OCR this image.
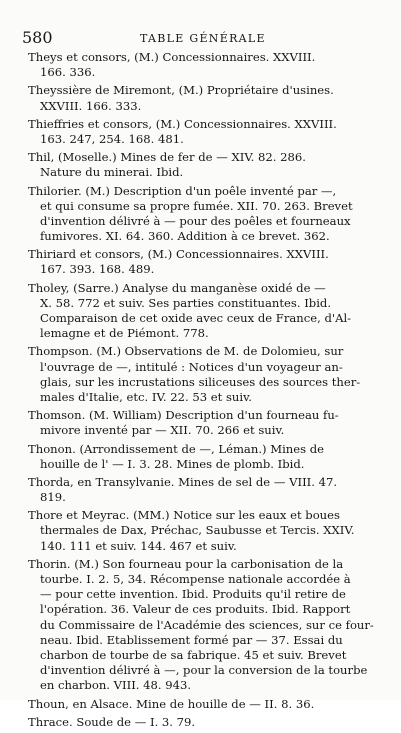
580	TABLE GÉNÉRALE
Theys et consors, (M.) Concessionnaires. XXVIII.
166. 336.
Theyssière de Miremont, (M.) Propriétaire d'usines.
XXVIII. 166. 333.
Thieffries et consors, (M.) Concessionnaires. XXVIII.
163. 247, 254. 168. 481.
Thil, (Moselle.) Mines de fer de — XIV. 82. 286.
Nature du minerai. Ibid.
Thilorier. (M.) Description d'un poêle inventé par —,
et qui consume sa propre fumée. XII. 70. 263. Brevet
d'invention délivré à — pour des poêles et fourneaux
fumivores. XI. 64. 360. Addition à ce brevet. 362.
Thiriard et consors, (M.) Concessionnaires. XXVIII.
167. 393. 168. 489.
Tholey, (Sarre.) Analyse du manganèse oxidé de —
X. 58. 772 et suiv. Ses parties constituantes. Ibid.
Comparaison de cet oxide avec ceux de France, d'Al-
lemagne et de Piémont. 778.
Thompson. (M.) Observations de M. de Dolomieu, sur
l'ouvrage de —, intitulé : Notices d'un voyageur an-
glais, sur les incrustations siliceuses des sources ther-
males d'Italie, etc. IV. 22. 53 et suiv.
Thomson. (M. William) Description d'un fourneau fu-
mivore inventé par — XII. 70. 266 et suiv.
Thonon. (Arrondissement de —, Léman.) Mines de
houille de l' — I. 3. 28. Mines de plomb. Ibid.
Thorda, en Transylvanie. Mines de sel de — VIII. 47.
819.
Thore et Meyrac. (MM.) Notice sur les eaux et boues
thermales de Dax, Préchac, Saubusse et Tercis. XXIV.
140. 111 et suiv. 144. 467 et suiv.
Thorin. (M.) Son fourneau pour la carbonisation de la
tourbe. I. 2. 5, 34. Récompense nationale accordée à
— pour cette invention. Ibid. Produits qu'il retire de
l'opération. 36. Valeur de ces produits. Ibid. Rapport
du Commissaire de l'Académie des sciences, sur ce four-
neau. Ibid. Etablissement formé par — 37. Essai du
charbon de tourbe de sa fabrique. 45 et suiv. Brevet
d'invention délivré à —, pour la conversion de la tourbe
en charbon. VIII. 48. 943.
Thoun, en Alsace. Mine de houille de — II. 8. 36.
Thrace. Soude de — I. 3. 79.
